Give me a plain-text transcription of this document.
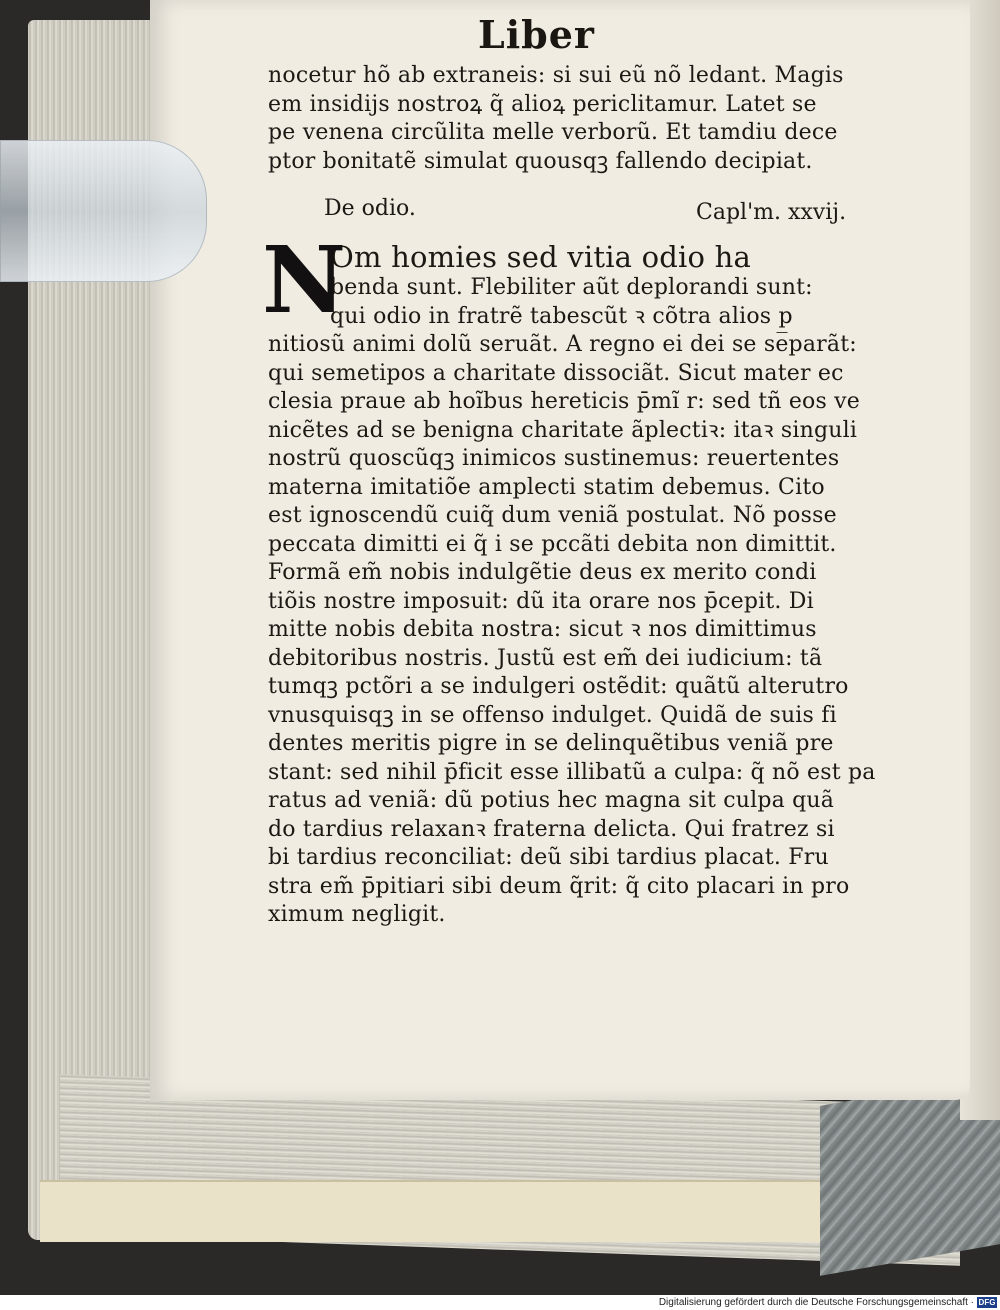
Liber
nocetur hõ ab extraneis: si sui eũ nõ ledant. Magis
em insidijs nostroꝝ q̃ alioꝝ periclitamur. Latet se
pe venena circũlita melle verborũ. Et tamdiu dece
ptor bonitatẽ simulat quousqꝫ fallendo decipiat.
De odio.	Capl'm. xxvij.
N
Om homies sed vitia odio ha
benda sunt. Flebiliter aũt deplorandi sunt:
qui odio in fratrẽ tabescũt ꝛ cõtra alios p̲
nitiosũ animi dolũ seruãt. A regno ei dei se separãt:
qui semetipos a charitate dissociãt. Sicut mater ec
clesia praue ab hoĩbus hereticis p̄mı̃ r: sed tñ eos ve
nicẽtes ad se benigna charitate ãplectiꝛ: itaꝛ singuli
nostrũ quoscũqꝫ inimicos sustinemus: reuertentes
materna imitatiõe amplecti statim debemus. Cito
est ignoscendũ cuiq̃ dum veniã postulat. Nõ posse
peccata dimitti ei q̃ i se pccãti debita non dimittit.
Formã em̃ nobis indulgẽtie deus ex merito condi
tiõis nostre imposuit: dũ ita orare nos p̄cepit. Di
mitte nobis debita nostra: sicut ꝛ nos dimittimus
debitoribus nostris. Justũ est em̃ dei iudicium: tã
tumqꝫ pctõri a se indulgeri ostẽdit: quãtũ alterutro
vnusquisqꝫ in se offenso indulget. Quidã de suis fi
dentes meritis pigre in se delinquẽtibus veniã pre
stant: sed nihil p̄ficit esse illibatũ a culpa: q̃ nõ est pa
ratus ad veniã: dũ potius hec magna sit culpa quã
do tardius relaxanꝛ fraterna delicta. Qui fratrez si
bi tardius reconciliat: deũ sibi tardius placat. Fru
stra em̃ p̄pitiari sibi deum q̃rit: q̃ cito placari in pro
ximum negligit.
Digitalisierung gefördert durch die Deutsche Forschungsgemeinschaft · DFG
